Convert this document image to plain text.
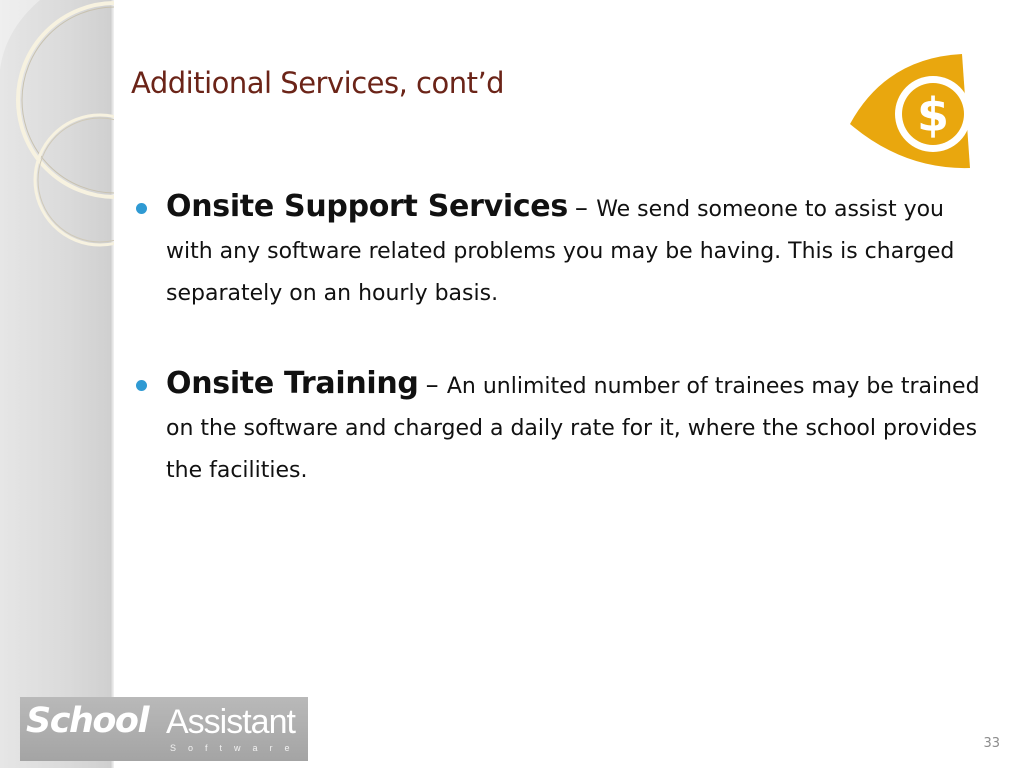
Additional Services, cont’d
$
Onsite Support Services – We send someone to assist you with any software related problems you may be having. This is charged separately on an hourly basis.
Onsite Training – An unlimited number of trainees may be trained on the software and charged a daily rate for it, where the school provides the facilities.
School Assistant
Software	33
